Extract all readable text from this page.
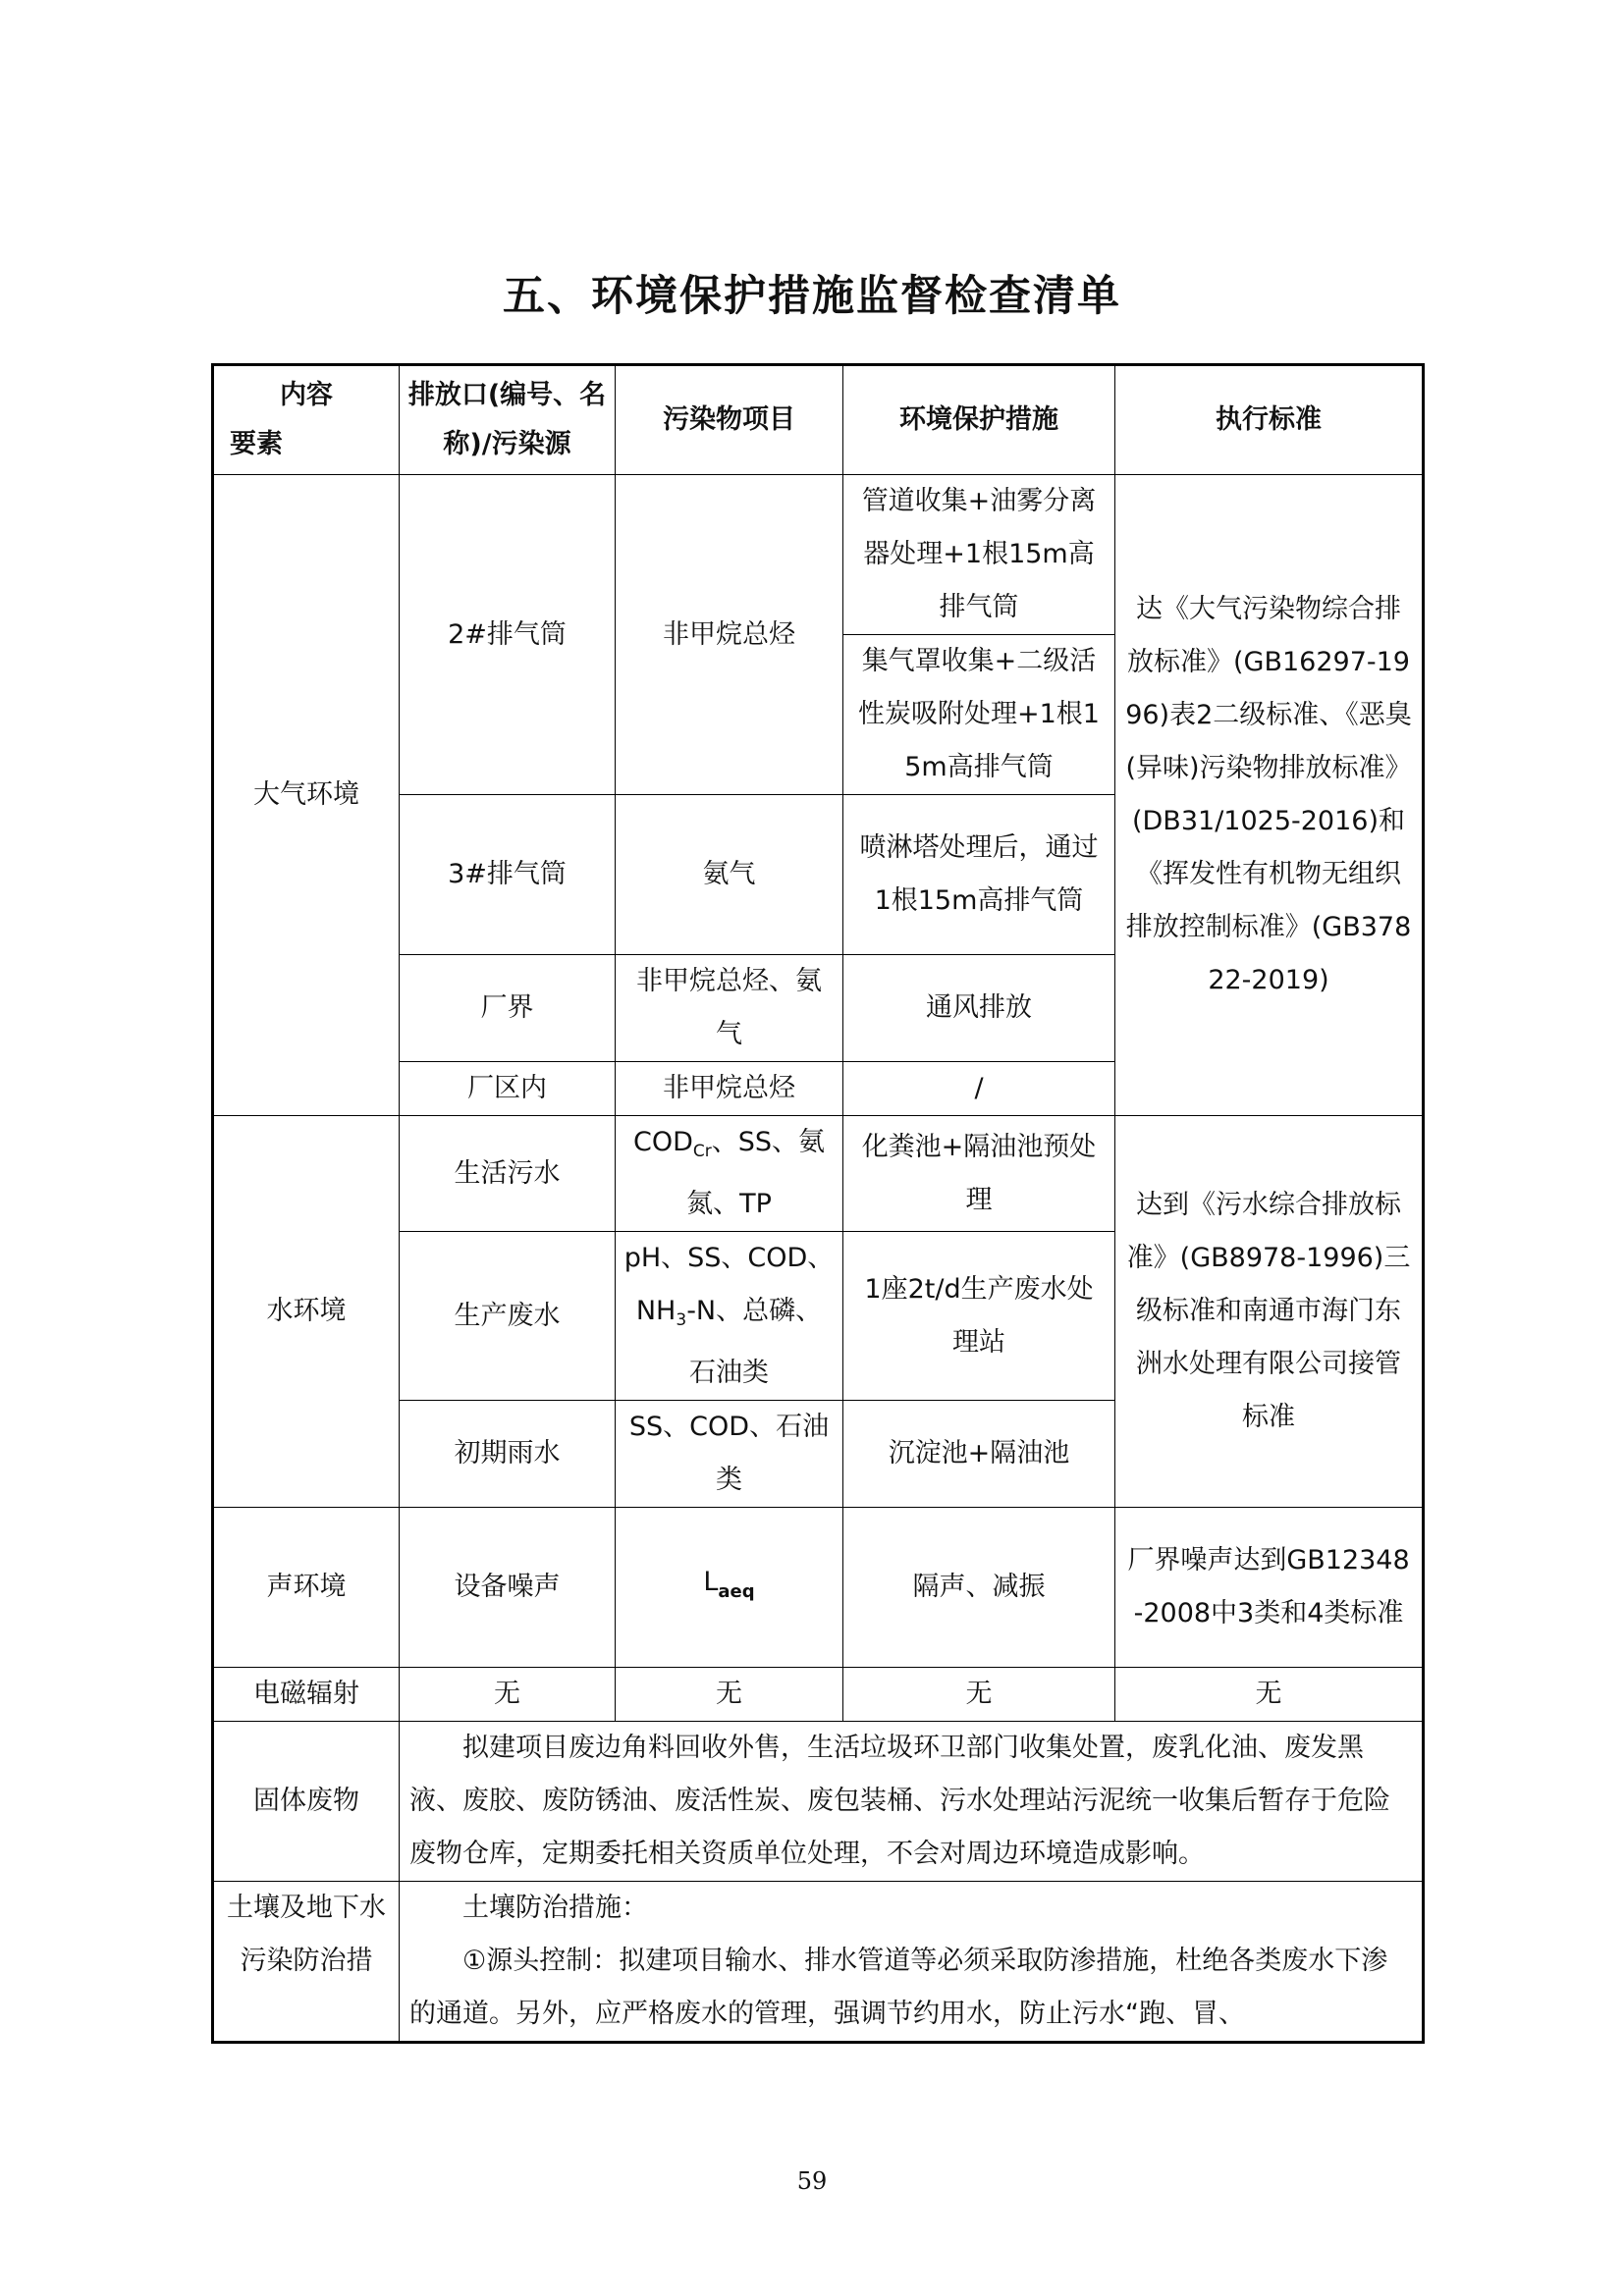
五、环境保护措施监督检查清单
内容
要素	排放口(编号、名称)/污染源	污染物项目	环境保护措施	执行标准
大气环境	2#排气筒	非甲烷总烃	管道收集+油雾分离器处理+1根15m高排气筒	达《大气污染物综合排放标准》(GB16297-1996)表2二级标准、《恶臭(异味)污染物排放标准》(DB31/1025-2016)和《挥发性有机物无组织排放控制标准》(GB37822-2019)
			集气罩收集+二级活性炭吸附处理+1根15m高排气筒	
	3#排气筒	氨气	喷淋塔处理后，通过1根15m高排气筒	
	厂界	非甲烷总烃、氨气	通风排放	
	厂区内	非甲烷总烃	/	

水环境	生活污水	$COD_{Cr}$、SS、氨氮、TP	化粪池+隔油池预处理	达到《污水综合排放标准》(GB8978-1996)三级标准和南通市海门东洲水处理有限公司接管标准
	生产废水	pH、SS、COD、$NH_3-N$、总磷、石油类	1座2t/d生产废水处理站	
	初期雨水	SS、COD、石油类	沉淀池+隔油池	
声环境	设备噪声	$L_{aeq}$	隔声、减振	厂界噪声达到GB12348-2008中3类和4类标准
电磁辐射	无	无	无	无
固体废物	拟建项目废边角料回收外售，生活垃圾环卫部门收集处置，废乳化油、废发黑液、废胶、废防锈油、废活性炭、废包装桶、污水处理站污泥统一收集后暂存于危险废物仓库，定期委托相关资质单位处理，不会对周边环境造成影响。			
土壤及地下水污染防治措	土壤防治措施：
①源头控制：拟建项目输水、排水管道等必须采取防渗措施，杜绝各类废水下渗的通道。另外，应严格废水的管理，强调节约用水，防止污水“跑、冒、			
59
